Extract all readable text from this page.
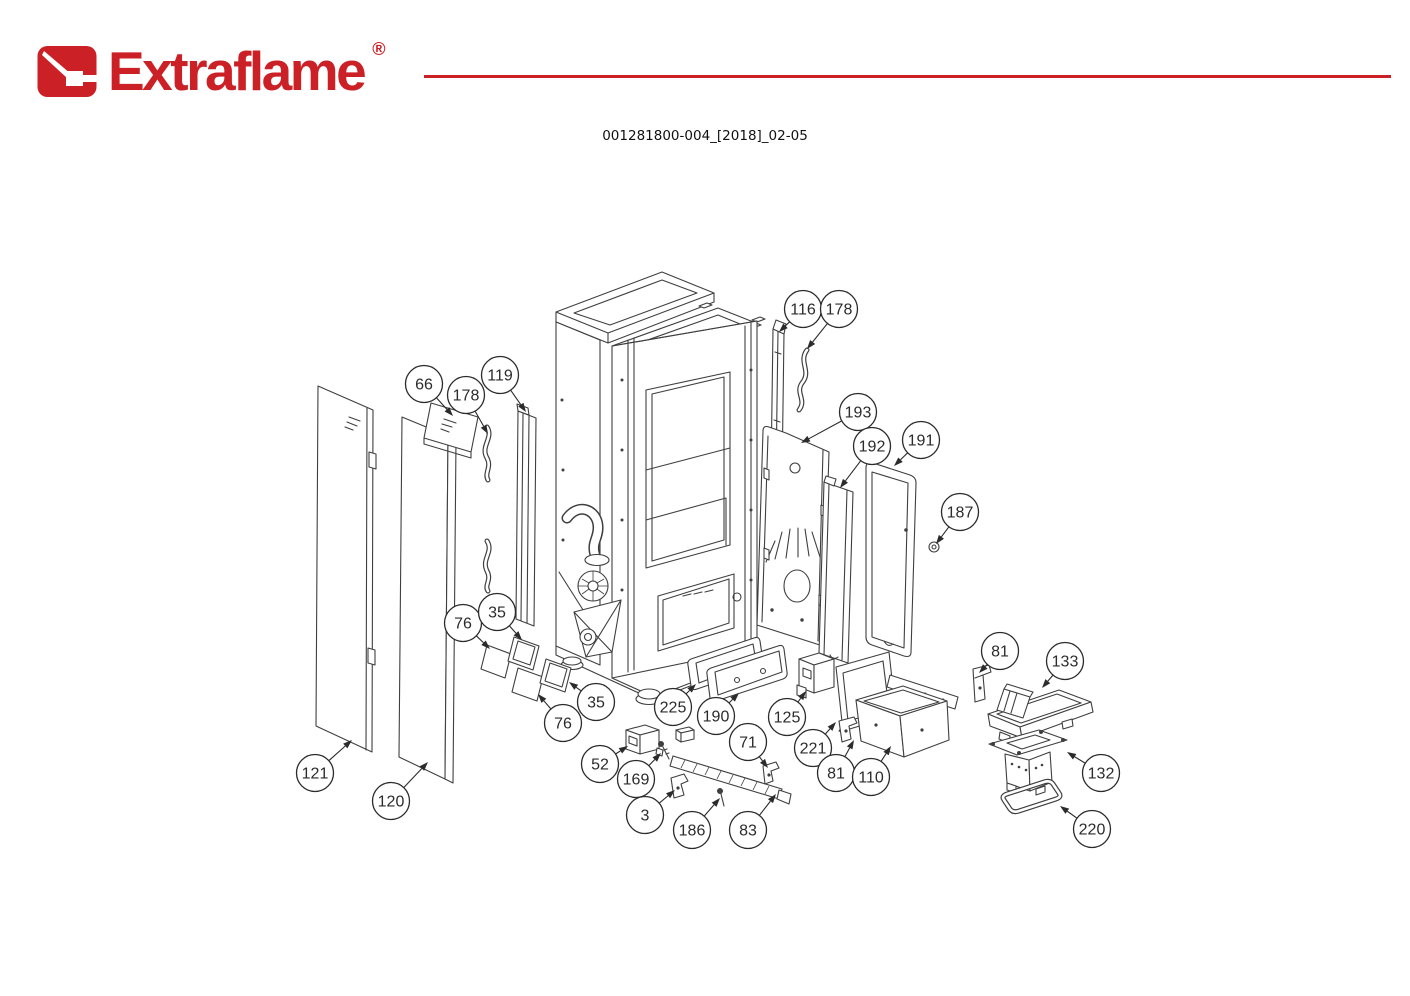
Extraflame ®
001281800-004_[2018]_02-05
116 178
66
178
119
193
192 191
187
76
35
35
76
121
120
225
190	125
52
169
3
186 83
71	221
81 110
81
133
132
220
